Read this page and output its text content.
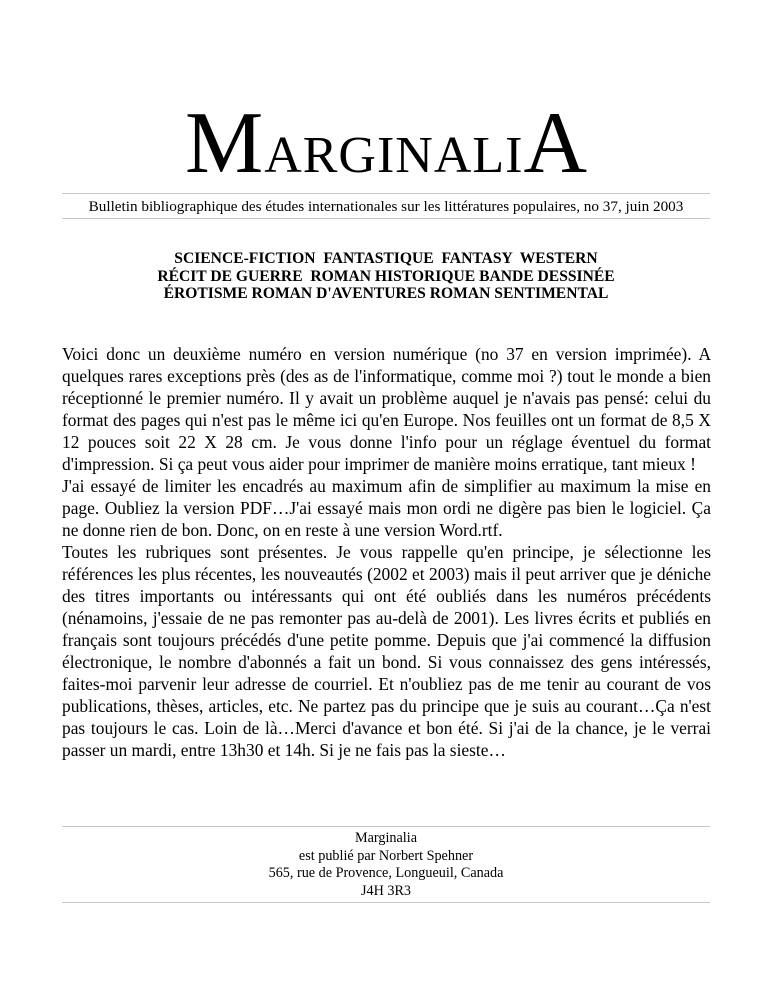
MARGINALIA
Bulletin bibliographique des études internationales sur les littératures populaires, no 37, juin 2003
SCIENCE-FICTION  FANTASTIQUE  FANTASY  WESTERN
RÉCIT DE GUERRE  ROMAN HISTORIQUE BANDE DESSINÉE
ÉROTISME ROMAN D'AVENTURES ROMAN SENTIMENTAL

Voici donc un deuxième numéro en version numérique (no 37 en version imprimée). A quelques rares exceptions près (des as de l'informatique, comme moi ?) tout le monde a bien réceptionné le premier numéro. Il y avait un problème auquel je n'avais pas pensé: celui du format des pages qui n'est pas le même ici qu'en Europe. Nos feuilles ont un format de 8,5 X 12 pouces soit 22 X 28 cm. Je vous donne l'info pour un réglage éventuel du format d'impression. Si ça peut vous aider pour imprimer de manière moins erratique, tant mieux !

J'ai essayé de limiter les encadrés au maximum afin de simplifier au maximum la mise en page. Oubliez la version PDF…J'ai essayé mais mon ordi ne digère pas bien le logiciel. Ça ne donne rien de bon. Donc, on en reste à une version Word.rtf.

Toutes les rubriques sont présentes. Je vous rappelle qu'en principe, je sélectionne les références les plus récentes, les nouveautés (2002 et 2003) mais il peut arriver que je déniche des titres importants ou intéressants qui ont été oubliés dans les numéros précédents (nénamoins, j'essaie de ne pas remonter pas au-delà de 2001). Les livres écrits et publiés en français sont toujours précédés d'une petite pomme. Depuis que j'ai commencé la diffusion électronique, le nombre d'abonnés a fait un bond. Si vous connaissez des gens intéressés, faites-moi parvenir leur adresse de courriel. Et n'oubliez pas de me tenir au courant de vos publications, thèses, articles, etc. Ne partez pas du principe que je suis au courant…Ça n'est pas toujours le cas. Loin de là…Merci d'avance et bon été. Si j'ai de la chance, je le verrai passer un mardi, entre 13h30 et 14h. Si je ne fais pas la sieste…

Marginalia
est publié par Norbert Spehner
565, rue de Provence, Longueuil, Canada
J4H 3R3
